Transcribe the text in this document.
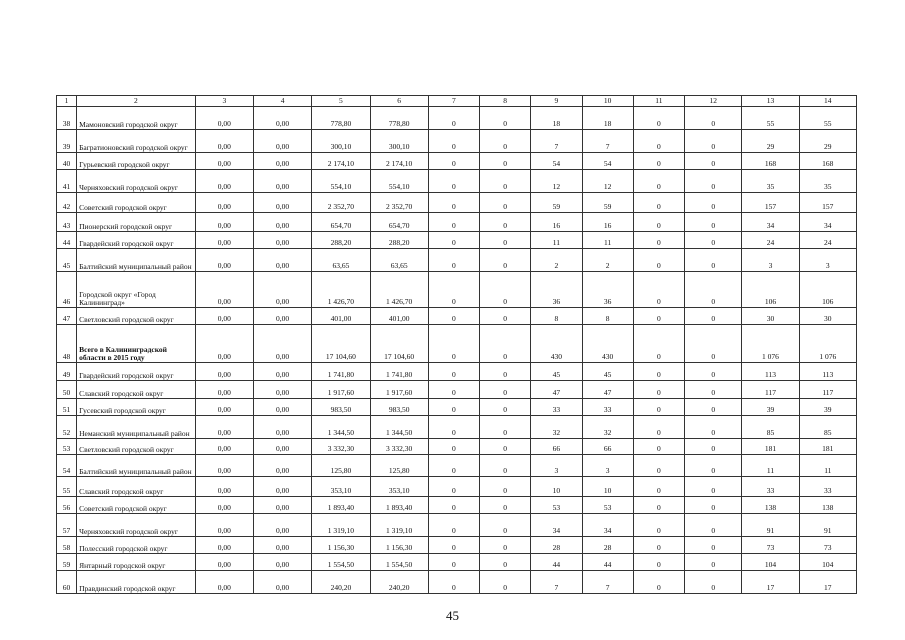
1	2	3	4	5	6	7	8	9	10	11	12	13	14
38	Мамоновский городской округ	0,00	0,00	778,80	778,80	0	0	18	18	0	0	55	55
39	Багратионовский городской округ	0,00	0,00	300,10	300,10	0	0	7	7	0	0	29	29
40	Гурьевский городской округ	0,00	0,00	2 174,10	2 174,10	0	0	54	54	0	0	168	168
41	Черняховский городской округ	0,00	0,00	554,10	554,10	0	0	12	12	0	0	35	35
42	Советский городской округ	0,00	0,00	2 352,70	2 352,70	0	0	59	59	0	0	157	157
43	Пионерский городской округ	0,00	0,00	654,70	654,70	0	0	16	16	0	0	34	34
44	Гвардейский городской округ	0,00	0,00	288,20	288,20	0	0	11	11	0	0	24	24
45	Балтийский муниципальный район	0,00	0,00	63,65	63,65	0	0	2	2	0	0	3	3
46	Городской округ «Город Калининград»	0,00	0,00	1 426,70	1 426,70	0	0	36	36	0	0	106	106
47	Светловский городской округ	0,00	0,00	401,00	401,00	0	0	8	8	0	0	30	30
48	Всего в Калининградской области в 2015 году	0,00	0,00	17 104,60	17 104,60	0	0	430	430	0	0	1 076	1 076
49	Гвардейский городской округ	0,00	0,00	1 741,80	1 741,80	0	0	45	45	0	0	113	113
50	Славский городской округ	0,00	0,00	1 917,60	1 917,60	0	0	47	47	0	0	117	117
51	Гусевский городской округ	0,00	0,00	983,50	983,50	0	0	33	33	0	0	39	39
52	Неманский муниципальный район	0,00	0,00	1 344,50	1 344,50	0	0	32	32	0	0	85	85
53	Светловский городской округ	0,00	0,00	3 332,30	3 332,30	0	0	66	66	0	0	181	181
54	Балтийский муниципальный район	0,00	0,00	125,80	125,80	0	0	3	3	0	0	11	11
55	Славский городской округ	0,00	0,00	353,10	353,10	0	0	10	10	0	0	33	33
56	Советский городской округ	0,00	0,00	1 893,40	1 893,40	0	0	53	53	0	0	138	138
57	Черняховский городской округ	0,00	0,00	1 319,10	1 319,10	0	0	34	34	0	0	91	91
58	Полесский городской округ	0,00	0,00	1 156,30	1 156,30	0	0	28	28	0	0	73	73
59	Янтарный городской округ	0,00	0,00	1 554,50	1 554,50	0	0	44	44	0	0	104	104
60	Правдинский городской округ	0,00	0,00	240,20	240,20	0	0	7	7	0	0	17	17
45
